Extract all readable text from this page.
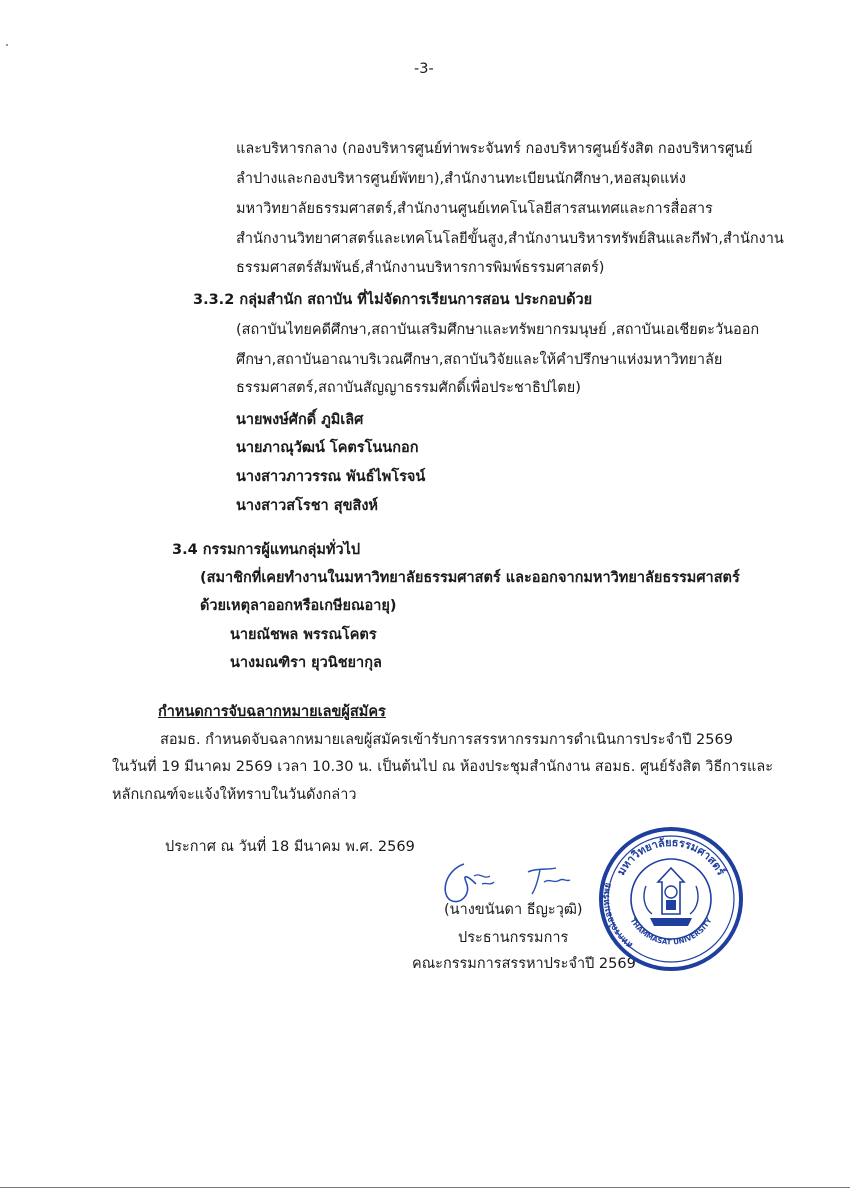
-3-
และบริหารกลาง (กองบริหารศูนย์ท่าพระจันทร์ กองบริหารศูนย์รังสิต กองบริหารศูนย์
ลำปางและกองบริหารศูนย์พัทยา),สำนักงานทะเบียนนักศึกษา,หอสมุดแห่ง
มหาวิทยาลัยธรรมศาสตร์,สำนักงานศูนย์เทคโนโลยีสารสนเทศและการสื่อสาร
สำนักงานวิทยาศาสตร์และเทคโนโลยีขั้นสูง,สำนักงานบริหารทรัพย์สินและกีฬา,สำนักงาน
ธรรมศาสตร์สัมพันธ์,สำนักงานบริหารการพิมพ์ธรรมศาสตร์)
3.3.2 กลุ่มสำนัก สถาบัน ที่ไม่จัดการเรียนการสอน ประกอบด้วย
(สถาบันไทยคดีศึกษา,สถาบันเสริมศึกษาและทรัพยากรมนุษย์ ,สถาบันเอเชียตะวันออก
ศึกษา,สถาบันอาณาบริเวณศึกษา,สถาบันวิจัยและให้คำปรึกษาแห่งมหาวิทยาลัย
ธรรมศาสตร์,สถาบันสัญญาธรรมศักดิ์เพื่อประชาธิปไตย)
นายพงษ์ศักดิ์ ภูมิเลิศ
นายภาณุวัฒน์ โคตรโนนกอก
นางสาวภาวรรณ พันธ์ไพโรจน์
นางสาวสโรชา สุขสิงห์
3.4 กรรมการผู้แทนกลุ่มทั่วไป
(สมาชิกที่เคยทำงานในมหาวิทยาลัยธรรมศาสตร์ และออกจากมหาวิทยาลัยธรรมศาสตร์
ด้วยเหตุลาออกหรือเกษียณอายุ)
นายณัชพล พรรณโคตร
นางมณฑิรา ยุวนิชยากุล
กำหนดการจับฉลากหมายเลขผู้สมัคร
สอมธ. กำหนดจับฉลากหมายเลขผู้สมัครเข้ารับการสรรหากรรมการดำเนินการประจำปี 2569
ในวันที่ 19 มีนาคม 2569 เวลา 10.30 น. เป็นต้นไป ณ ห้องประชุมสำนักงาน สอมธ. ศูนย์รังสิต วิธีการและ
หลักเกณฑ์จะแจ้งให้ทราบในวันดังกล่าว
ประกาศ ณ วันที่ 18 มีนาคม พ.ศ. 2569
(นางขนันดา ธีญะวุฒิ)
ประธานกรรมการ
คณะกรรมการสรรหาประจำปี 2569
มหาวิทยาลัยธรรมศาสตร์
THAMMASAT UNIVERSITY
สหกรณ์ออมทรัพย์
